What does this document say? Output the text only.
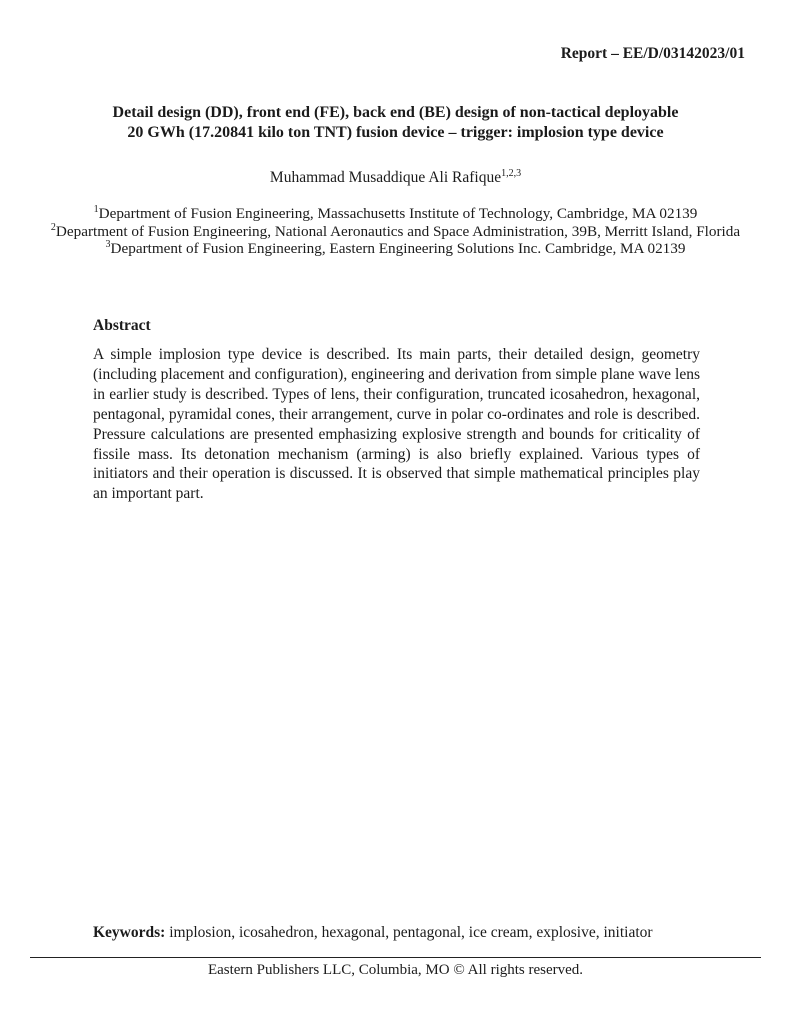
Report – EE/D/03142023/01
Detail design (DD), front end (FE), back end (BE) design of non-tactical deployable
20 GWh (17.20841 kilo ton TNT) fusion device – trigger: implosion type device
Muhammad Musaddique Ali Rafique$^{1,2,3}$
$^1$Department of Fusion Engineering, Massachusetts Institute of Technology, Cambridge, MA 02139
$^2$Department of Fusion Engineering, National Aeronautics and Space Administration, 39B, Merritt Island, Florida
$^3$Department of Fusion Engineering, Eastern Engineering Solutions Inc. Cambridge, MA 02139
Abstract
A simple implosion type device is described. Its main parts, their detailed design, geometry (including placement and configuration), engineering and derivation from simple plane wave lens in earlier study is described. Types of lens, their configuration, truncated icosahedron, hexagonal, pentagonal, pyramidal cones, their arrangement, curve in polar co-ordinates and role is described. Pressure calculations are presented emphasizing explosive strength and bounds for criticality of fissile mass. Its detonation mechanism (arming) is also briefly explained. Various types of initiators and their operation is discussed. It is observed that simple mathematical principles play an important part.
Keywords: implosion, icosahedron, hexagonal, pentagonal, ice cream, explosive, initiator
Eastern Publishers LLC, Columbia, MO © All rights reserved.
